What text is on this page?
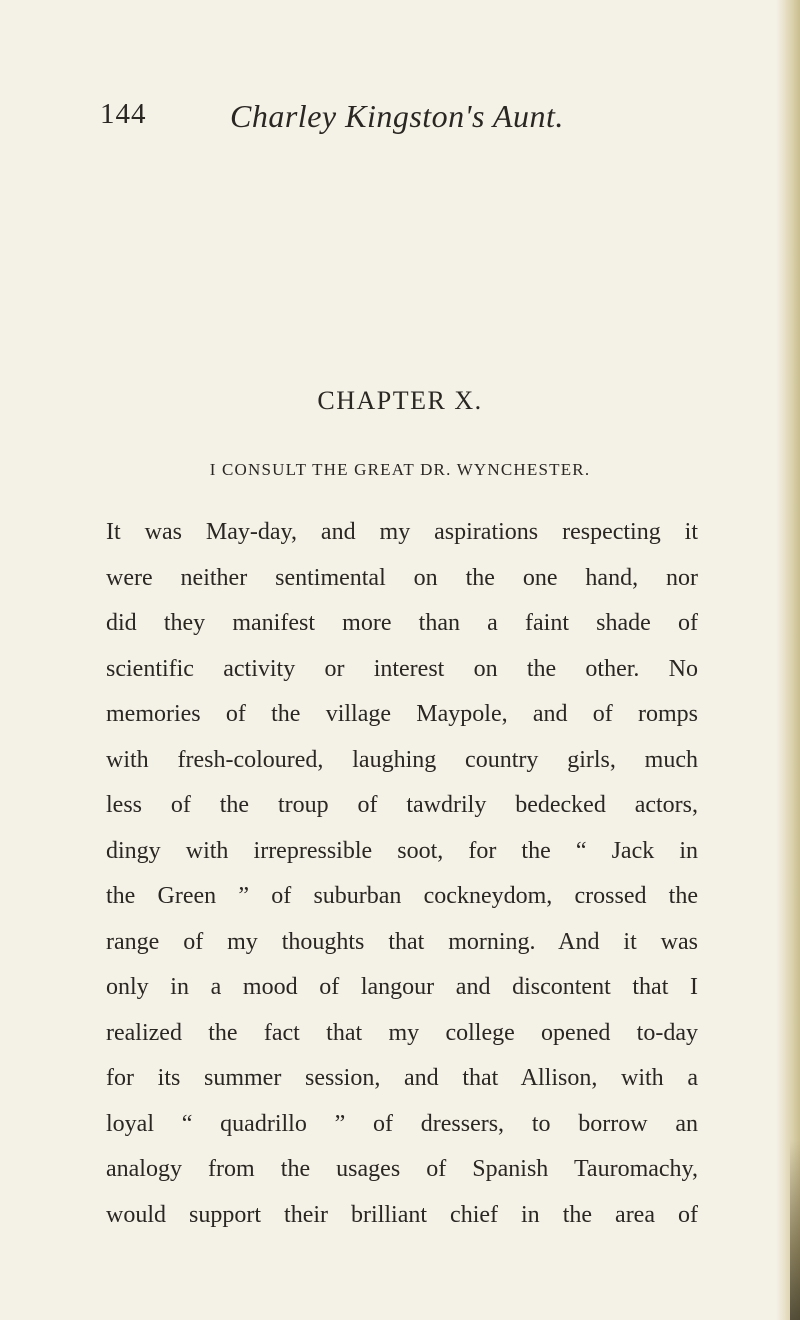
144	Charley Kingston's Aunt.
CHAPTER X.
I CONSULT THE GREAT DR. WYNCHESTER.
It was May-day, and my aspirations respecting it
were neither sentimental on the one hand, nor
did they manifest more than a faint shade of
scientific activity or interest on the other. No
memories of the village Maypole, and of romps
with fresh-coloured, laughing country girls, much
less of the troup of tawdrily bedecked actors,
dingy with irrepressible soot, for the “ Jack in
the Green ” of suburban cockneydom, crossed the
range of my thoughts that morning. And it was
only in a mood of langour and discontent that I
realized the fact that my college opened to-day
for its summer session, and that Allison, with a
loyal “ quadrillo ” of dressers, to borrow an
analogy from the usages of Spanish Tauromachy,
would support their brilliant chief in the area of
